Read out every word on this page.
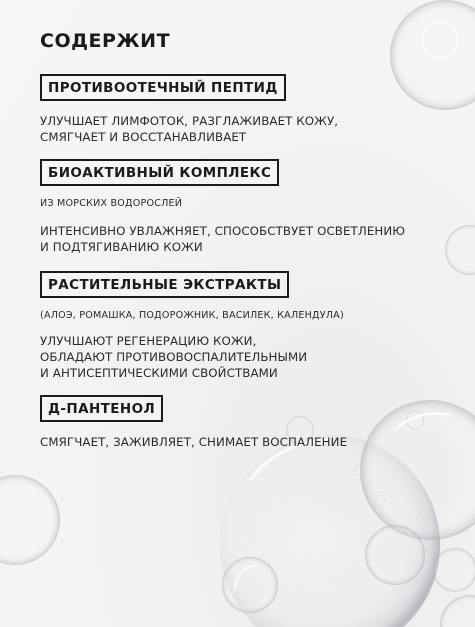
СОДЕРЖИТ
ПРОТИВООТЕЧНЫЙ ПЕПТИД
УЛУЧШАЕТ ЛИМФОТОК, РАЗГЛАЖИВАЕТ КОЖУ,
СМЯГЧАЕТ И ВОССТАНАВЛИВАЕТ
БИОАКТИВНЫЙ КОМПЛЕКС
ИЗ МОРСКИХ ВОДОРОСЛЕЙ
ИНТЕНСИВНО УВЛАЖНЯЕТ, СПОСОБСТВУЕТ ОСВЕТЛЕНИЮ
И ПОДТЯГИВАНИЮ КОЖИ
РАСТИТЕЛЬНЫЕ ЭКСТРАКТЫ
(АЛОЭ, РОМАШКА, ПОДОРОЖНИК, ВАСИЛЕК, КАЛЕНДУЛА)
УЛУЧШАЮТ РЕГЕНЕРАЦИЮ КОЖИ,
ОБЛАДАЮТ ПРОТИВОВОСПАЛИТЕЛЬНЫМИ
И АНТИСЕПТИЧЕСКИМИ СВОЙСТВАМИ
Д-ПАНТЕНОЛ
СМЯГЧАЕТ, ЗАЖИВЛЯЕТ, СНИМАЕТ ВОСПАЛЕНИЕ
